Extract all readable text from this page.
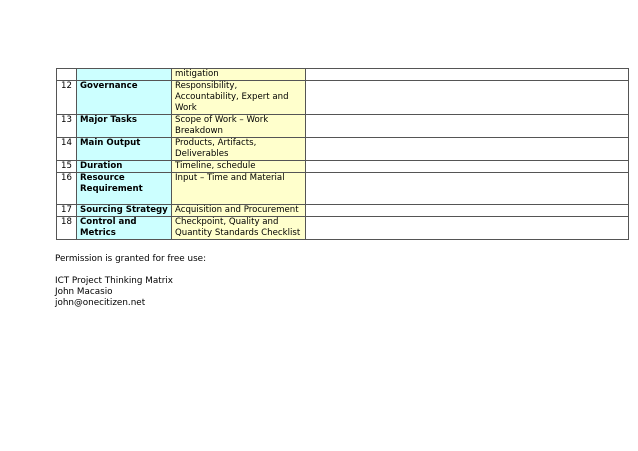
		mitigation	
12	Governance	Responsibility, Accountability, Expert and Work	
13	Major Tasks	Scope of Work – Work Breakdown	
14	Main Output	Products, Artifacts, Deliverables	
15	Duration	Timeline, schedule	
16	Resource Requirement	Input – Time and Material	
17	Sourcing Strategy	Acquisition and Procurement	
18	Control and Metrics	Checkpoint, Quality and Quantity Standards Checklist	

Permission is granted for free use:

ICT Project Thinking Matrix

John Macasio

john@onecitizen.net
